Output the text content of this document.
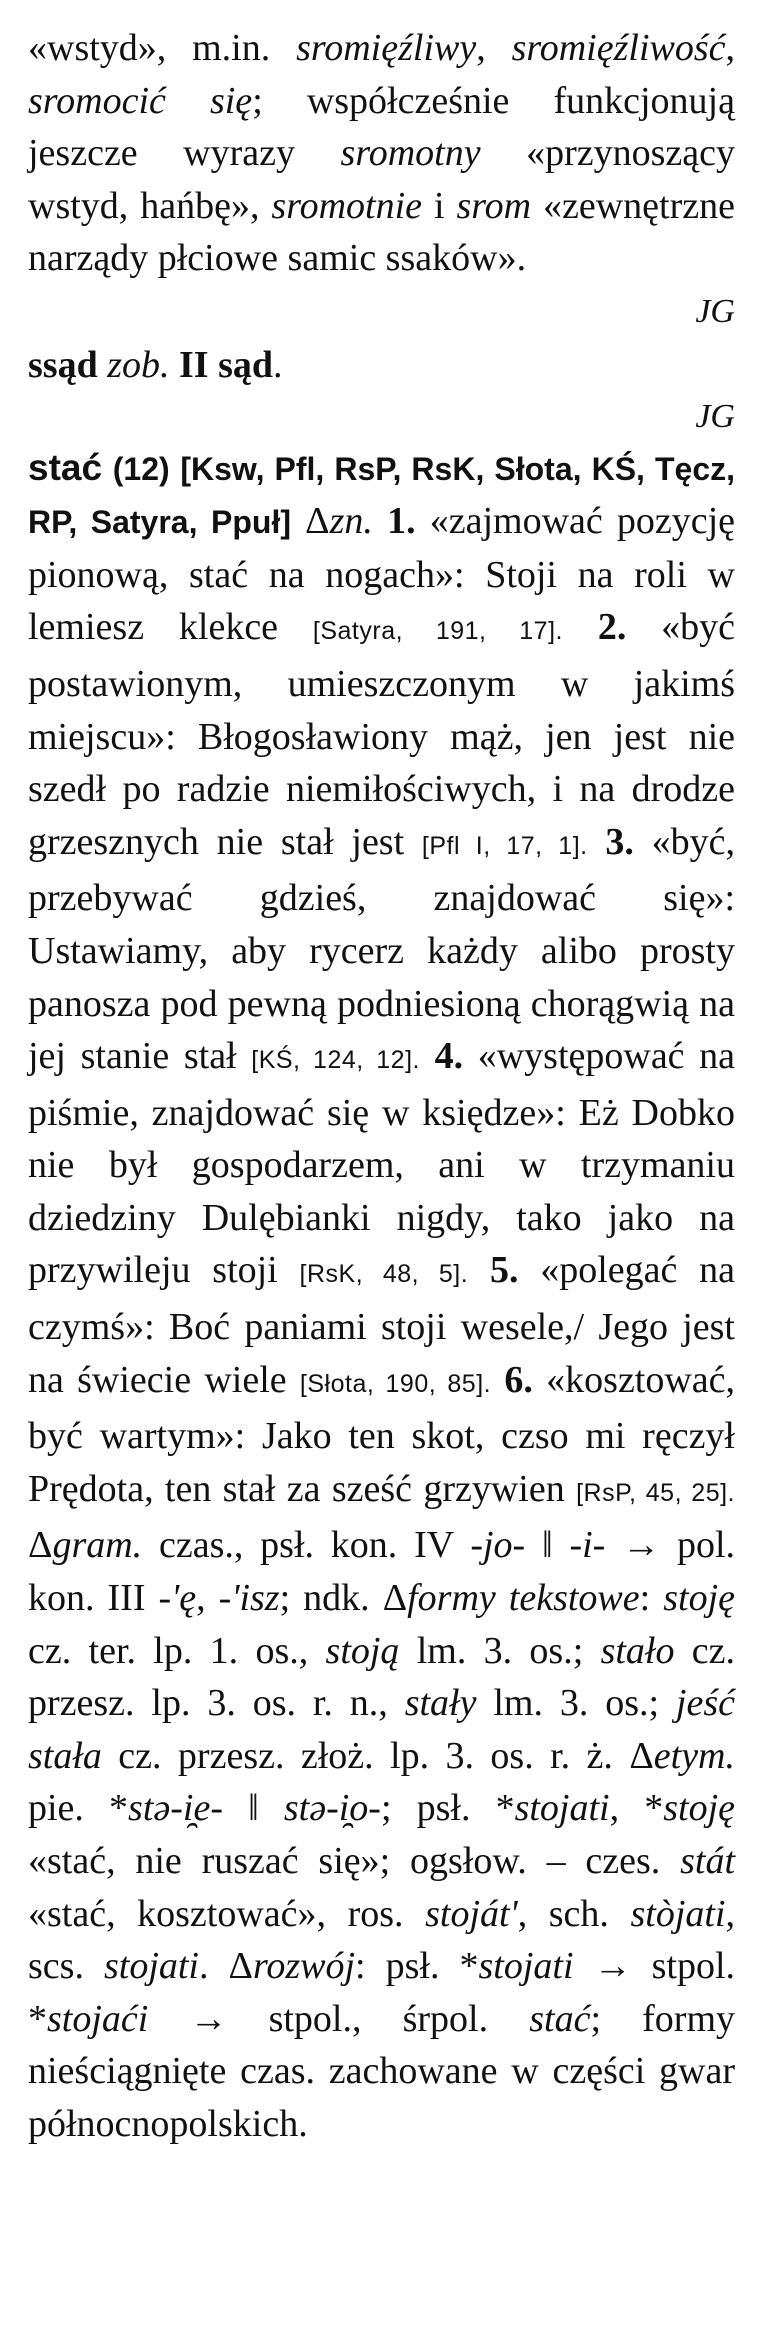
«wstyd», m.in. sromięźliwy, sromięźliwość, sromocić się; współcześnie funkcjonują jeszcze wyrazy sromotny «przynoszący wstyd, hańbę», sromotnie i srom «zewnętrzne narządy płciowe samic ssaków».

JG

ssąd zob. II sąd.

JG

stać (12) [Ksw, Pfl, RsP, RsK, Słota, KŚ, Tęcz, RP, Satyra, Ppuł] Δzn. 1. «zajmować pozycję pionową, stać na nogach»: Stoji na roli w lemiesz klekce [Satyra, 191, 17]. 2. «być postawionym, umieszczonym w jakimś miejscu»: Błogosławiony mąż, jen jest nie szedł po radzie niemiłościwych, i na drodze grzesznych nie stał jest [Pfl I, 17, 1]. 3. «być, przebywać gdzieś, znajdować się»: Ustawiamy, aby rycerz każdy alibo prosty panosza pod pewną podniesioną chorągwią na jej stanie stał [KŚ, 124, 12]. 4. «występować na piśmie, znajdować się w księdze»: Eż Dobko nie był gospodarzem, ani w trzymaniu dziedziny Dulębianki nigdy, tako jako na przywileju stoji [RsK, 48, 5]. 5. «polegać na czymś»: Boć paniami stoji wesele,/ Jego jest na świecie wiele [Słota, 190, 85]. 6. «kosztować, być wartym»: Jako ten skot, czso mi ręczył Prędota, ten stał za sześć grzywien [RsP, 45, 25]. Δgram. czas., psł. kon. IV -jo- ‖ -i- → pol. kon. III -'ę, -'isz; ndk. Δformy tekstowe: stoję cz. ter. lp. 1. os., stoją lm. 3. os.; stało cz. przesz. lp. 3. os. r. n., stały lm. 3. os.; jeść stała cz. przesz. złoż. lp. 3. os. r. ż. Δetym. pie. *stə-i̯e- ‖ stə-i̯o-; psł. *stojati, *stoję «stać, nie ruszać się»; ogsłow. – czes. stát «stać, kosztować», ros. stoját', sch. stòjati, scs. stojati. Δrozwój: psł. *stojati → stpol. *stojaći → stpol., śrpol. stać; formy nieściągnięte czas. zachowane w części gwar północnopolskich.
